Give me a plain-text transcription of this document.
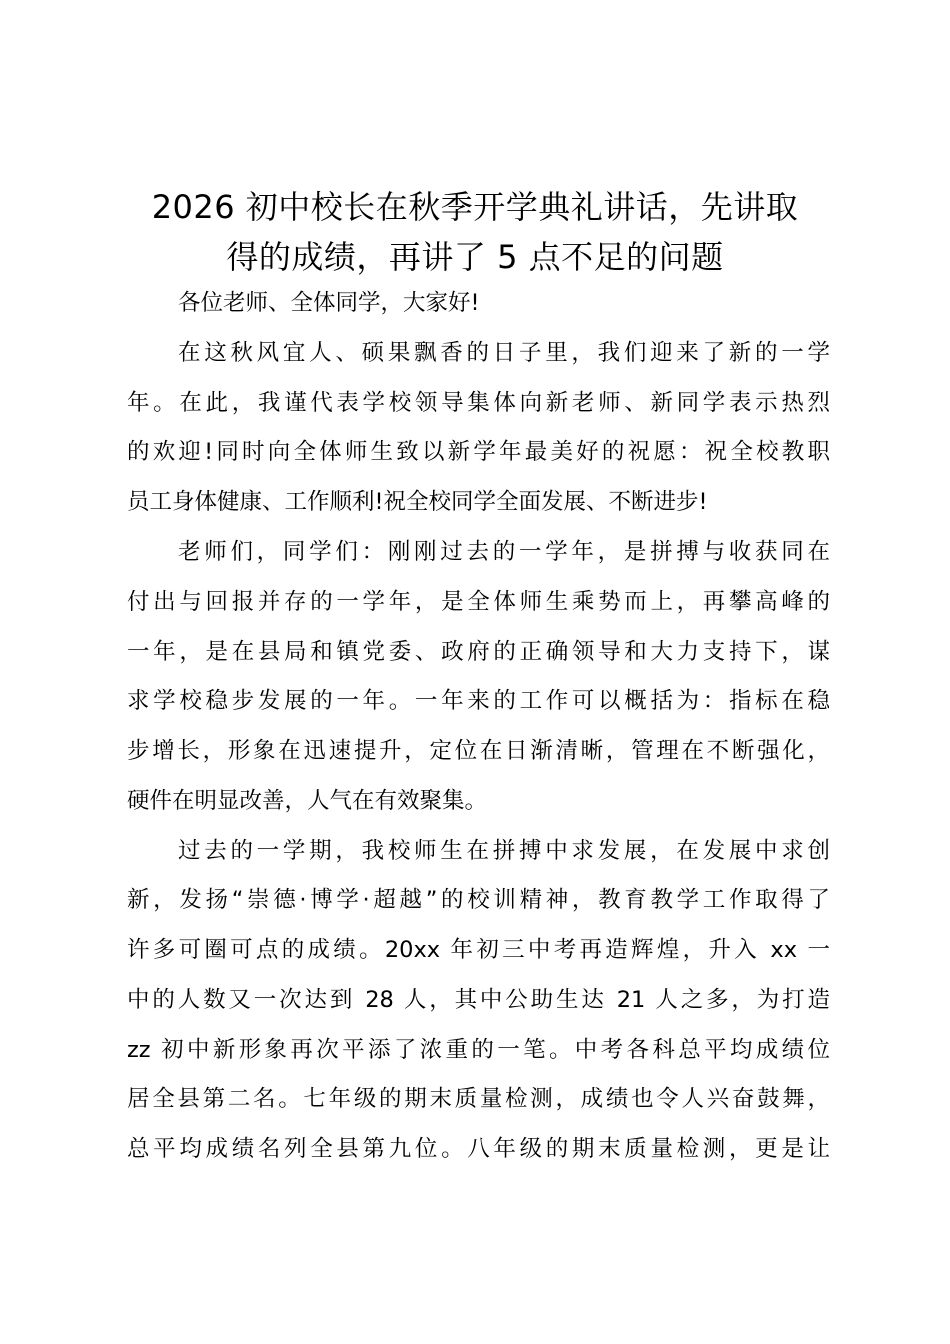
2026 初中校长在秋季开学典礼讲话，先讲取
得的成绩，再讲了 5 点不足的问题
各位老师、全体同学，大家好!
在这秋风宜人、硕果飘香的日子里，我们迎来了新的一学
年。在此，我谨代表学校领导集体向新老师、新同学表示热烈
的欢迎!同时向全体师生致以新学年最美好的祝愿：祝全校教职
员工身体健康、工作顺利!祝全校同学全面发展、不断进步!
老师们，同学们：刚刚过去的一学年，是拼搏与收获同在
付出与回报并存的一学年，是全体师生乘势而上，再攀高峰的
一年，是在县局和镇党委、政府的正确领导和大力支持下，谋
求学校稳步发展的一年。一年来的工作可以概括为：指标在稳
步增长，形象在迅速提升，定位在日渐清晰，管理在不断强化，
硬件在明显改善，人气在有效聚集。
过去的一学期，我校师生在拼搏中求发展，在发展中求创
新，发扬“崇德·博学·超越”的校训精神，教育教学工作取得了
许多可圈可点的成绩。20xx 年初三中考再造辉煌，升入 xx 一
中的人数又一次达到 28 人，其中公助生达 21 人之多，为打造
zz 初中新形象再次平添了浓重的一笔。中考各科总平均成绩位
居全县第二名。七年级的期末质量检测，成绩也令人兴奋鼓舞，
总平均成绩名列全县第九位。八年级的期末质量检测，更是让
